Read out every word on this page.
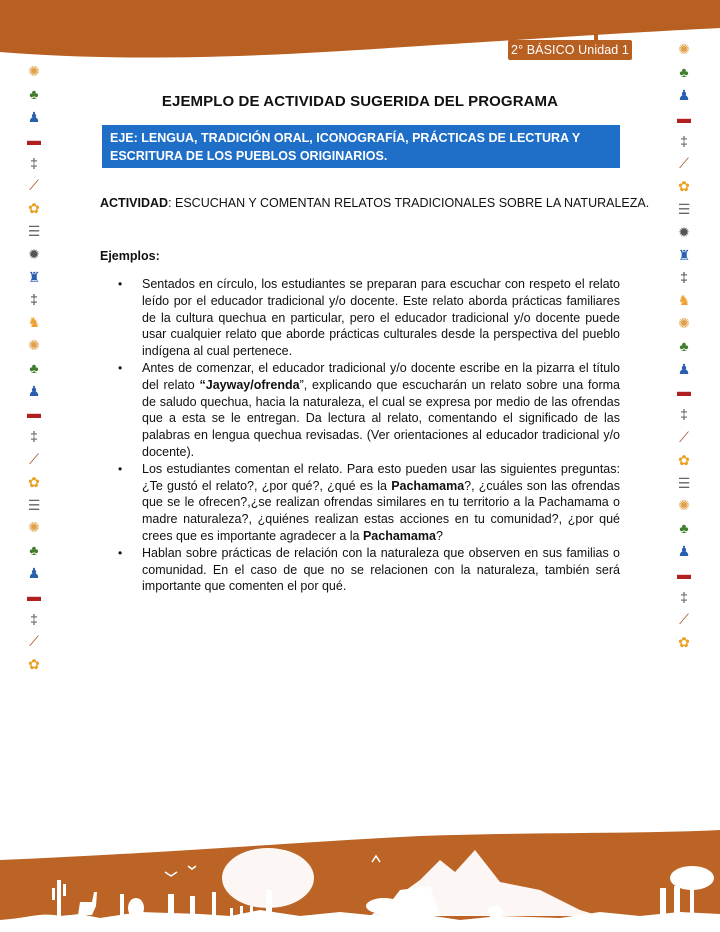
2° BÁSICO Unidad 1
✺
♣
♟
▬
‡
⟋
✿
☰
✹
♜
‡
♞
✺
♣
♟
▬
‡
⟋
✿
☰
✺
♣
♟
▬
‡
⟋
✿
✺
♣
♟
▬
‡
⟋
✿
☰
✹
♜
‡
♞
✺
♣
♟
▬
‡
⟋
✿
☰
✺
♣
♟
▬
‡
⟋
✿
EJEMPLO DE ACTIVIDAD SUGERIDA DEL PROGRAMA
EJE: LENGUA, TRADICIÓN ORAL, ICONOGRAFÍA, PRÁCTICAS DE LECTURA Y ESCRITURA DE LOS PUEBLOS ORIGINARIOS.
ACTIVIDAD: ESCUCHAN Y COMENTAN RELATOS TRADICIONALES SOBRE LA NATURALEZA.
Ejemplos:
• Sentados en círculo, los estudiantes se preparan para escuchar con respeto el relato leído por el educador tradicional y/o docente. Este relato aborda prácticas familiares de la cultura quechua en particular, pero el educador tradicional y/o docente puede usar cualquier relato que aborde prácticas culturales desde la perspectiva del pueblo indígena al cual pertenece.
• Antes de comenzar, el educador tradicional y/o docente escribe en la pizarra el título del relato “Jayway/ofrenda”, explicando que escucharán un relato sobre una forma de saludo quechua, hacia la naturaleza, el cual se expresa por medio de las ofrendas que a esta se le entregan. Da lectura al relato, comentando el significado de las palabras en lengua quechua revisadas. (Ver orientaciones al educador tradicional y/o docente).
• Los estudiantes comentan el relato. Para esto pueden usar las siguientes preguntas: ¿Te gustó el relato?, ¿por qué?, ¿qué es la Pachamama?, ¿cuáles son las ofrendas que se le ofrecen?,¿se realizan ofrendas similares en tu territorio a la Pachamama o madre naturaleza?, ¿quiénes realizan estas acciones en tu comunidad?, ¿por qué crees que es importante agradecer a la Pachamama?
• Hablan sobre prácticas de relación con la naturaleza que observen en sus familias o comunidad. En el caso de que no se relacionen con la naturaleza, también será importante que comenten el por qué.
